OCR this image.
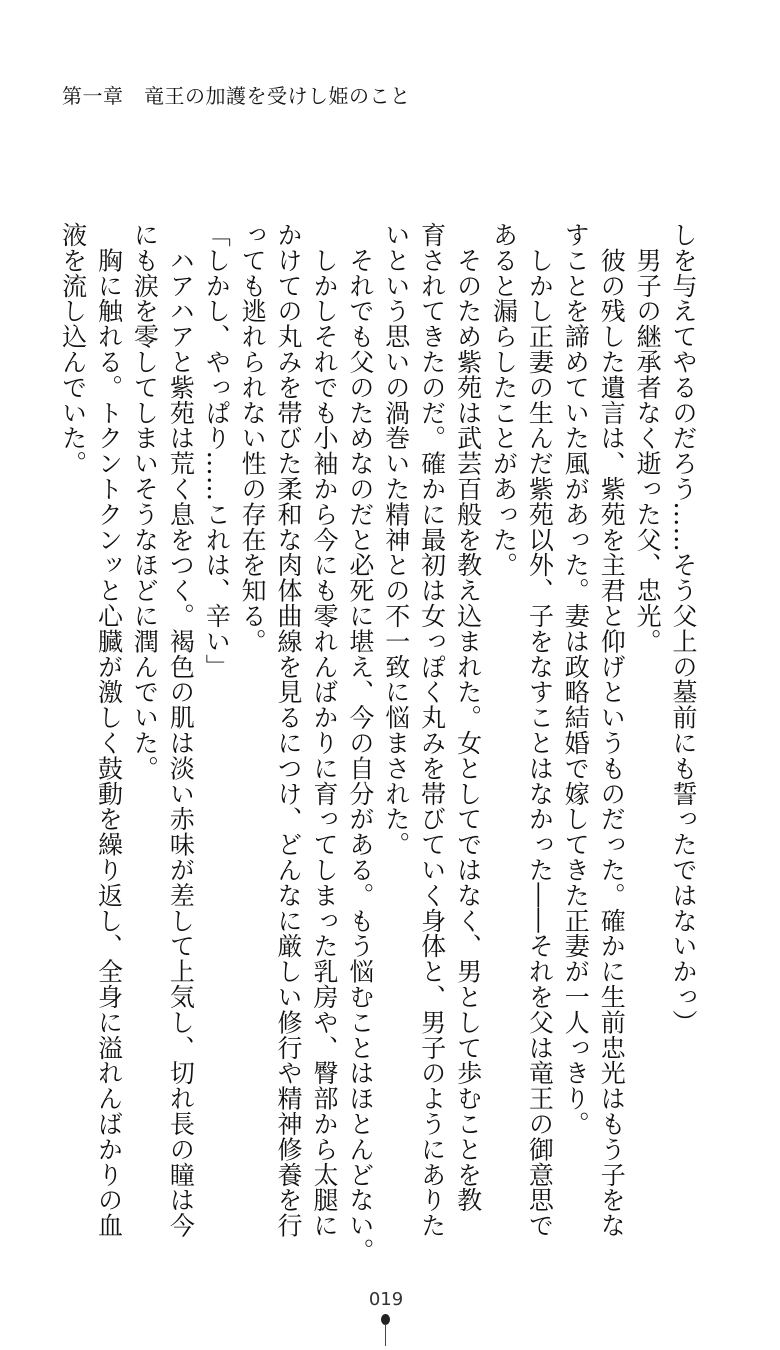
第一章　竜王の加護を受けし姫のこと
しを与えてやるのだろう……そう父上の墓前にも誓ったではないかっ）
　男子の継承者なく逝った父、忠光。
　彼の残した遺言は、紫苑を主君と仰げというものだった。確かに生前忠光はもう子をな
すことを諦めていた風があった。妻は政略結婚で嫁してきた正妻が一人っきり。
　しかし正妻の生んだ紫苑以外、子をなすことはなかった――それを父は竜王の御意思で
あると漏らしたことがあった。
　そのため紫苑は武芸百般を教え込まれた。女としてではなく、男として歩むことを教
育されてきたのだ。確かに最初は女っぽく丸みを帯びていく身体と、男子のようにありた
いという思いの渦巻いた精神との不一致に悩まされた。
　それでも父のためなのだと必死に堪え、今の自分がある。もう悩むことはほとんどない。
　しかしそれでも小袖から今にも零れんばかりに育ってしまった乳房や、臀部から太腿に
かけての丸みを帯びた柔和な肉体曲線を見るにつけ、どんなに厳しい修行や精神修養を行
っても逃れられない性の存在を知る。
「しかし、やっぱり……これは、辛い」
　ハアハアと紫苑は荒く息をつく。褐色の肌は淡い赤味が差して上気し、切れ長の瞳は今
にも涙を零してしまいそうなほどに潤んでいた。
　胸に触れる。トクントクンッと心臓が激しく鼓動を繰り返し、全身に溢れんばかりの血
液を流し込んでいた。
019
